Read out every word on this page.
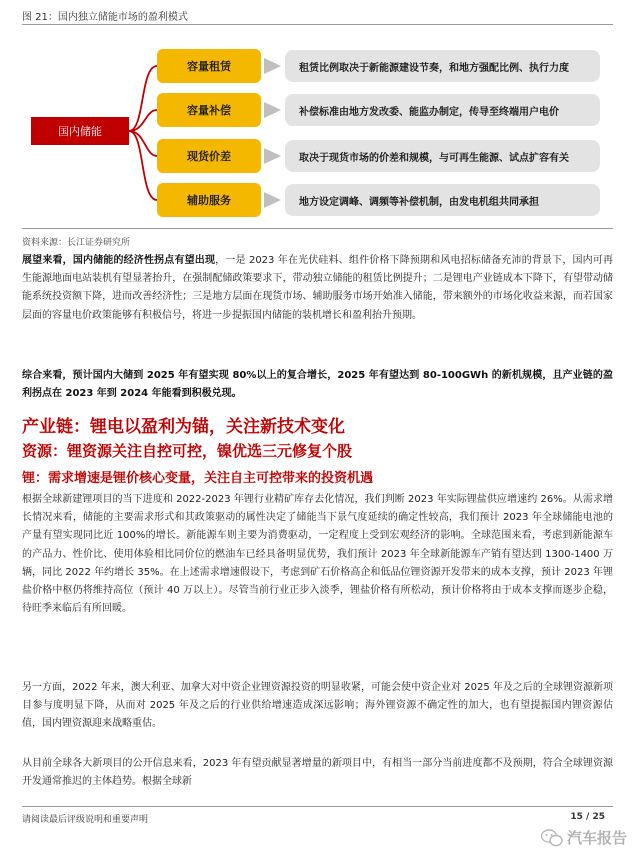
图 21：国内独立储能市场的盈利模式
国内储能
容量租赁
容量补偿
现货价差
辅助服务
租赁比例取决于新能源建设节奏，和地方强配比例、执行力度
补偿标准由地方发改委、能监办制定，传导至终端用户电价
取决于现货市场的价差和规模，与可再生能源、试点扩容有关
地方设定调峰、调频等补偿机制，由发电机组共同承担
资料来源：长江证券研究所

展望来看，国内储能的经济性拐点有望出现，一是 2023 年在光伏硅料、组件价格下降预期和风电招标储备充沛的背景下，国内可再生能源地面电站装机有望显著抬升，在强制配储政策要求下，带动独立储能的租赁比例提升；二是锂电产业链成本下降下，有望带动储能系统投资额下降，进而改善经济性；三是地方层面在现货市场、辅助服务市场开始准入储能，带来额外的市场化收益来源，而若国家层面的容量电价政策能够有积极信号，将进一步提振国内储能的装机增长和盈利抬升预期。

综合来看，预计国内大储到 2025 年有望实现 80%以上的复合增长，2025 年有望达到 80-100GWh 的新机规模，且产业链的盈利拐点在 2023 年到 2024 年能看到积极兑现。

产业链：锂电以盈利为锚，关注新技术变化
资源：锂资源关注自控可控，镍优选三元修复个股
锂：需求增速是锂价核心变量，关注自主可控带来的投资机遇

根据全球新建锂项目的当下进度和 2022-2023 年锂行业精矿库存去化情况，我们判断 2023 年实际锂盐供应增速约 26%。从需求增长情况来看，储能的主要需求形式和其政策驱动的属性决定了储能当下景气度延续的确定性较高，我们预计 2023 年全球储能电池的产量有望实现同比近 100%的增长。新能源车则主要为消费驱动，一定程度上受到宏观经济的影响。全球范围来看，考虑到新能源车的产品力、性价比、使用体验相比同价位的燃油车已经具备明显优势，我们预计 2023 年全球新能源车产销有望达到 1300-1400 万辆，同比 2022 年约增长 35%。在上述需求增速假设下，考虑到矿石价格高企和低品位锂资源开发带来的成本支撑，预计 2023 年锂盐价格中枢仍将维持高位（预计 40 万以上）。尽管当前行业正步入淡季，锂盐价格有所松动，预计价格将由于成本支撑而逐步企稳，待旺季来临后有所回暖。

另一方面，2022 年来，澳大利亚、加拿大对中资企业锂资源投资的明显收紧，可能会使中资企业对 2025 年及之后的全球锂资源新项目参与度明显下降，从而对 2025 年及之后的行业供给增速造成深远影响；海外锂资源不确定性的加大，也有望提振国内锂资源估值，国内锂资源迎来战略重估。

从目前全球各大新项目的公开信息来看，2023 年有望贡献显著增量的新项目中，有相当一部分当前进度都不及预期，符合全球锂资源开发通常推迟的主体趋势。根据全球新

请阅读最后评级说明和重要声明	15 / 25
汽车报告
